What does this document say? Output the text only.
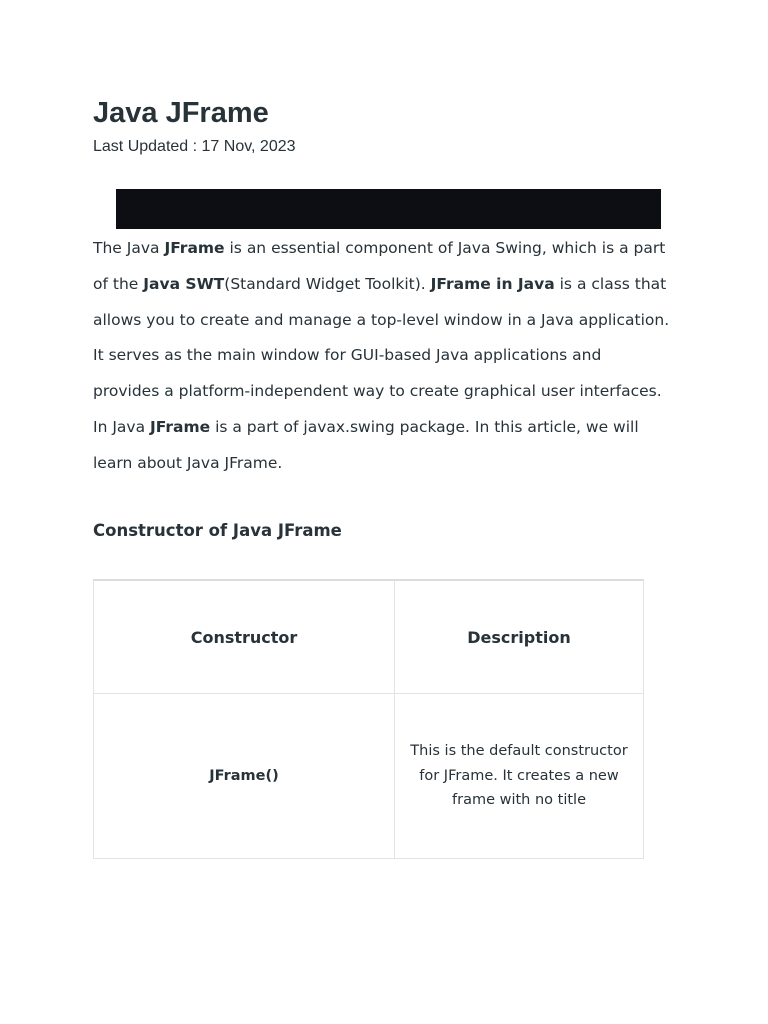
Java JFrame
Last Updated : 17 Nov, 2023

The Java JFrame is an essential component of Java Swing, which is a part
of the Java SWT(Standard Widget Toolkit). JFrame in Java is a class that
allows you to create and manage a top-level window in a Java application.
It serves as the main window for GUI-based Java applications and
provides a platform-independent way to create graphical user interfaces.
In Java JFrame is a part of javax.swing package. In this article, we will
learn about Java JFrame.

Constructor of Java JFrame
Constructor	Description
JFrame()	This is the default constructor for JFrame. It creates a new frame with no title
